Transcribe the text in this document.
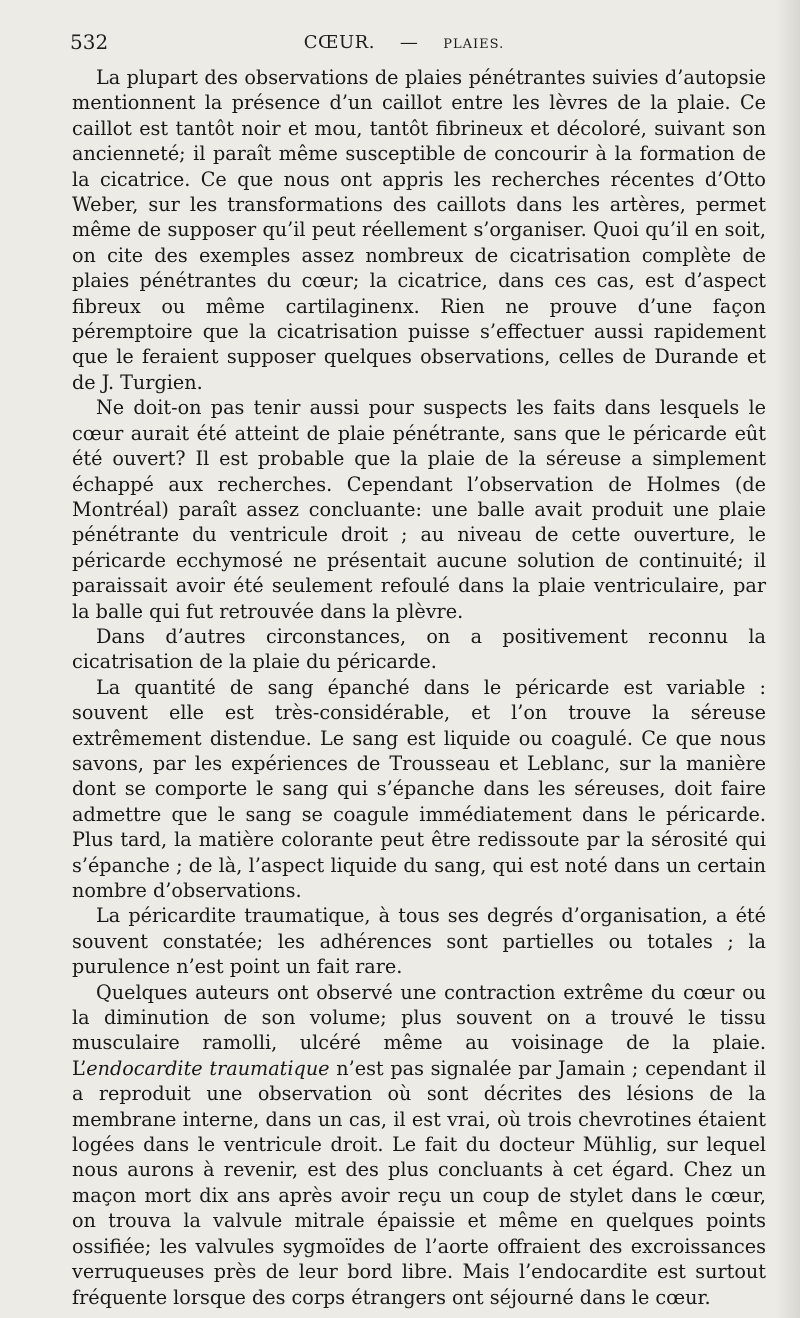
532	CŒUR. — PLAIES.

La plupart des observations de plaies pénétrantes suivies d’autopsie mentionnent la présence d’un caillot entre les lèvres de la plaie. Ce caillot est tantôt noir et mou, tantôt fibrineux et décoloré, suivant son ancienneté; il paraît même susceptible de concourir à la formation de la cicatrice. Ce que nous ont appris les recherches récentes d’Otto Weber, sur les transformations des caillots dans les artères, permet même de supposer qu’il peut réellement s’organiser. Quoi qu’il en soit, on cite des exemples assez nombreux de cicatrisation complète de plaies pénétrantes du cœur; la cicatrice, dans ces cas, est d’aspect fibreux ou même cartilaginenx. Rien ne prouve d’une façon péremptoire que la cicatrisation puisse s’effectuer aussi rapidement que le feraient supposer quelques observations, celles de Durande et de J. Turgien.

Ne doit-on pas tenir aussi pour suspects les faits dans lesquels le cœur aurait été atteint de plaie pénétrante, sans que le péricarde eût été ouvert? Il est probable que la plaie de la séreuse a simplement échappé aux recherches. Cependant l’observation de Holmes (de Montréal) paraît assez concluante: une balle avait produit une plaie pénétrante du ventricule droit ; au niveau de cette ouverture, le péricarde ecchymosé ne présentait aucune solution de continuité; il paraissait avoir été seulement refoulé dans la plaie ventriculaire, par la balle qui fut retrouvée dans la plèvre.

Dans d’autres circonstances, on a positivement reconnu la cicatrisation de la plaie du péricarde.

La quantité de sang épanché dans le péricarde est variable : souvent elle est très-considérable, et l’on trouve la séreuse extrêmement distendue. Le sang est liquide ou coagulé. Ce que nous savons, par les expériences de Trousseau et Leblanc, sur la manière dont se comporte le sang qui s’épanche dans les séreuses, doit faire admettre que le sang se coagule immédiatement dans le péricarde. Plus tard, la matière colorante peut être redissoute par la sérosité qui s’épanche ; de là, l’aspect liquide du sang, qui est noté dans un certain nombre d’observations.

La péricardite traumatique, à tous ses degrés d’organisation, a été souvent constatée; les adhérences sont partielles ou totales ; la purulence n’est point un fait rare.

Quelques auteurs ont observé une contraction extrême du cœur ou la diminution de son volume; plus souvent on a trouvé le tissu musculaire ramolli, ulcéré même au voisinage de la plaie. L’endocardite traumatique n’est pas signalée par Jamain ; cependant il a reproduit une observation où sont décrites des lésions de la membrane interne, dans un cas, il est vrai, où trois chevrotines étaient logées dans le ventricule droit. Le fait du docteur Mühlig, sur lequel nous aurons à revenir, est des plus concluants à cet égard. Chez un maçon mort dix ans après avoir reçu un coup de stylet dans le cœur, on trouva la valvule mitrale épaissie et même en quelques points ossifiée; les valvules sygmoïdes de l’aorte offraient des excroissances verruqueuses près de leur bord libre. Mais l’endocardite est surtout fréquente lorsque des corps étrangers ont séjourné dans le cœur.
